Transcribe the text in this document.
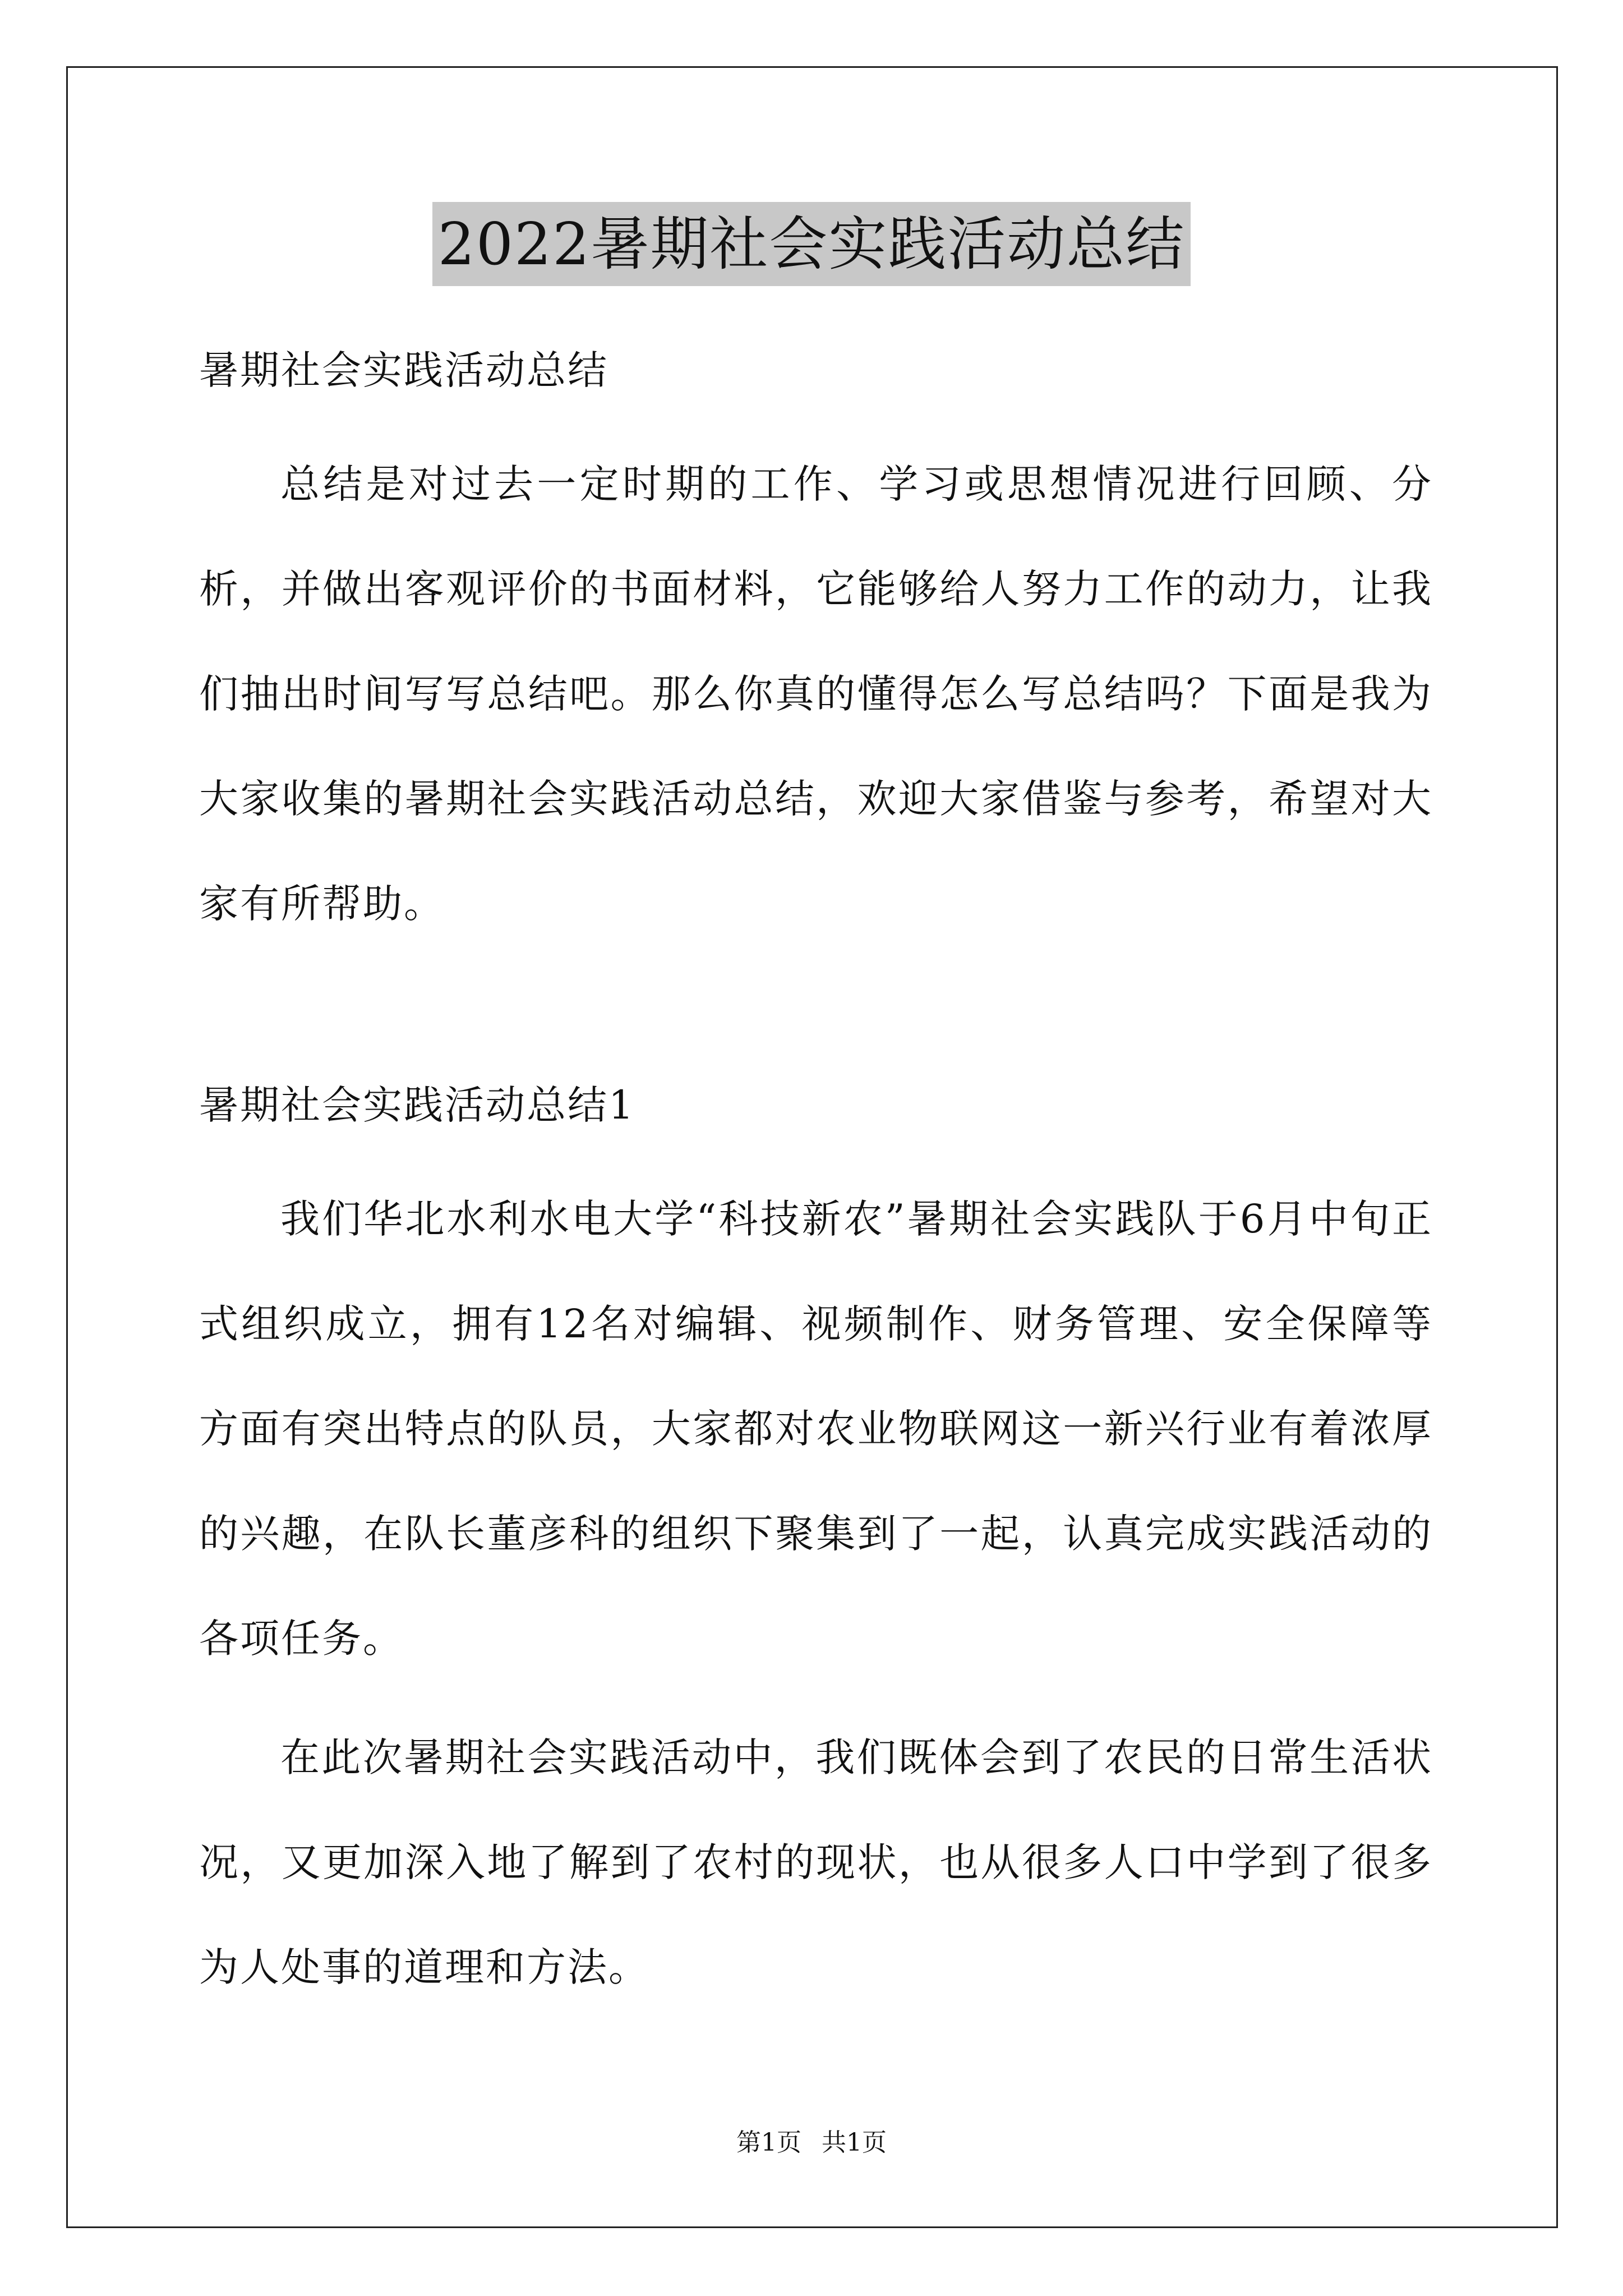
2022暑期社会实践活动总结
暑期社会实践活动总结
总结是对过去一定时期的工作、学习或思想情况进行回顾、分析，并做出客观评价的书面材料，它能够给人努力工作的动力，让我们抽出时间写写总结吧。那么你真的懂得怎么写总结吗？下面是我为大家收集的暑期社会实践活动总结，欢迎大家借鉴与参考，希望对大家有所帮助。
暑期社会实践活动总结1
我们华北水利水电大学“科技新农”暑期社会实践队于6月中旬正式组织成立，拥有12名对编辑、视频制作、财务管理、安全保障等方面有突出特点的队员，大家都对农业物联网这一新兴行业有着浓厚的兴趣，在队长董彦科的组织下聚集到了一起，认真完成实践活动的各项任务。
在此次暑期社会实践活动中，我们既体会到了农民的日常生活状况，又更加深入地了解到了农村的现状，也从很多人口中学到了很多为人处事的道理和方法。
第1页 共1页
